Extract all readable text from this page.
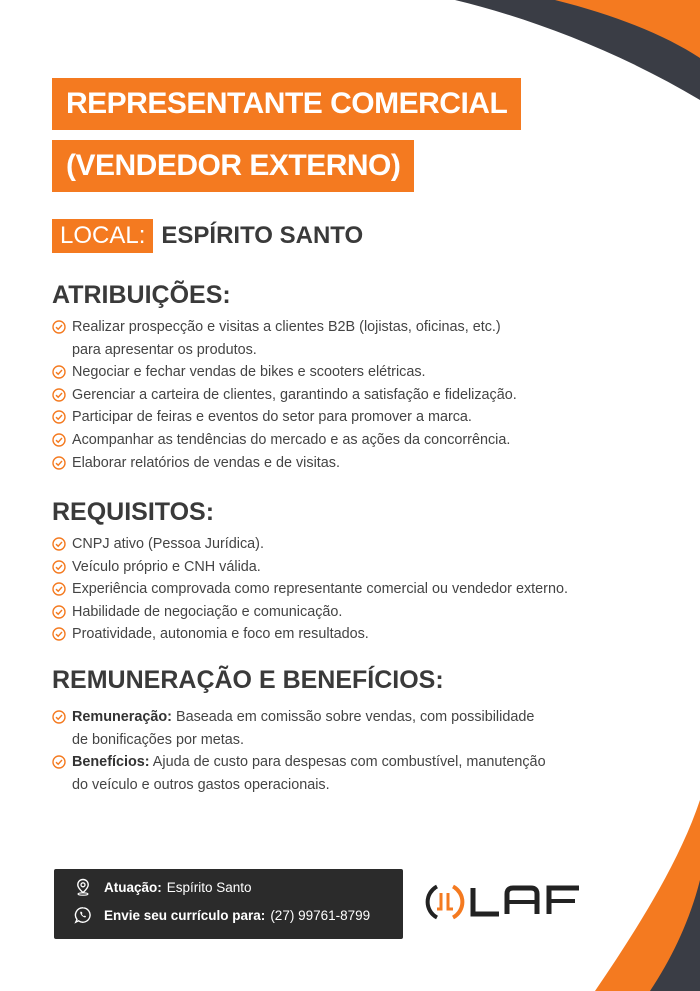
REPRESENTANTE COMERCIAL
(VENDEDOR EXTERNO)
LOCAL: ESPÍRITO SANTO
ATRIBUIÇÕES:
Realizar prospecção e visitas a clientes B2B (lojistas, oficinas, etc.)
para apresentar os produtos.
Negociar e fechar vendas de bikes e scooters elétricas.
Gerenciar a carteira de clientes, garantindo a satisfação e fidelização.
Participar de feiras e eventos do setor para promover a marca.
Acompanhar as tendências do mercado e as ações da concorrência.
Elaborar relatórios de vendas e de visitas.
REQUISITOS:
CNPJ ativo (Pessoa Jurídica).
Veículo próprio e CNH válida.
Experiência comprovada como representante comercial ou vendedor externo.
Habilidade de negociação e comunicação.
Proatividade, autonomia e foco em resultados.
REMUNERAÇÃO E BENEFÍCIOS:
Remuneração: Baseada em comissão sobre vendas, com possibilidade
de bonificações por metas.
Benefícios: Ajuda de custo para despesas com combustível, manutenção
do veículo e outros gastos operacionais.
Atuação: Espírito Santo
Envie seu currículo para: (27) 99761-8799
